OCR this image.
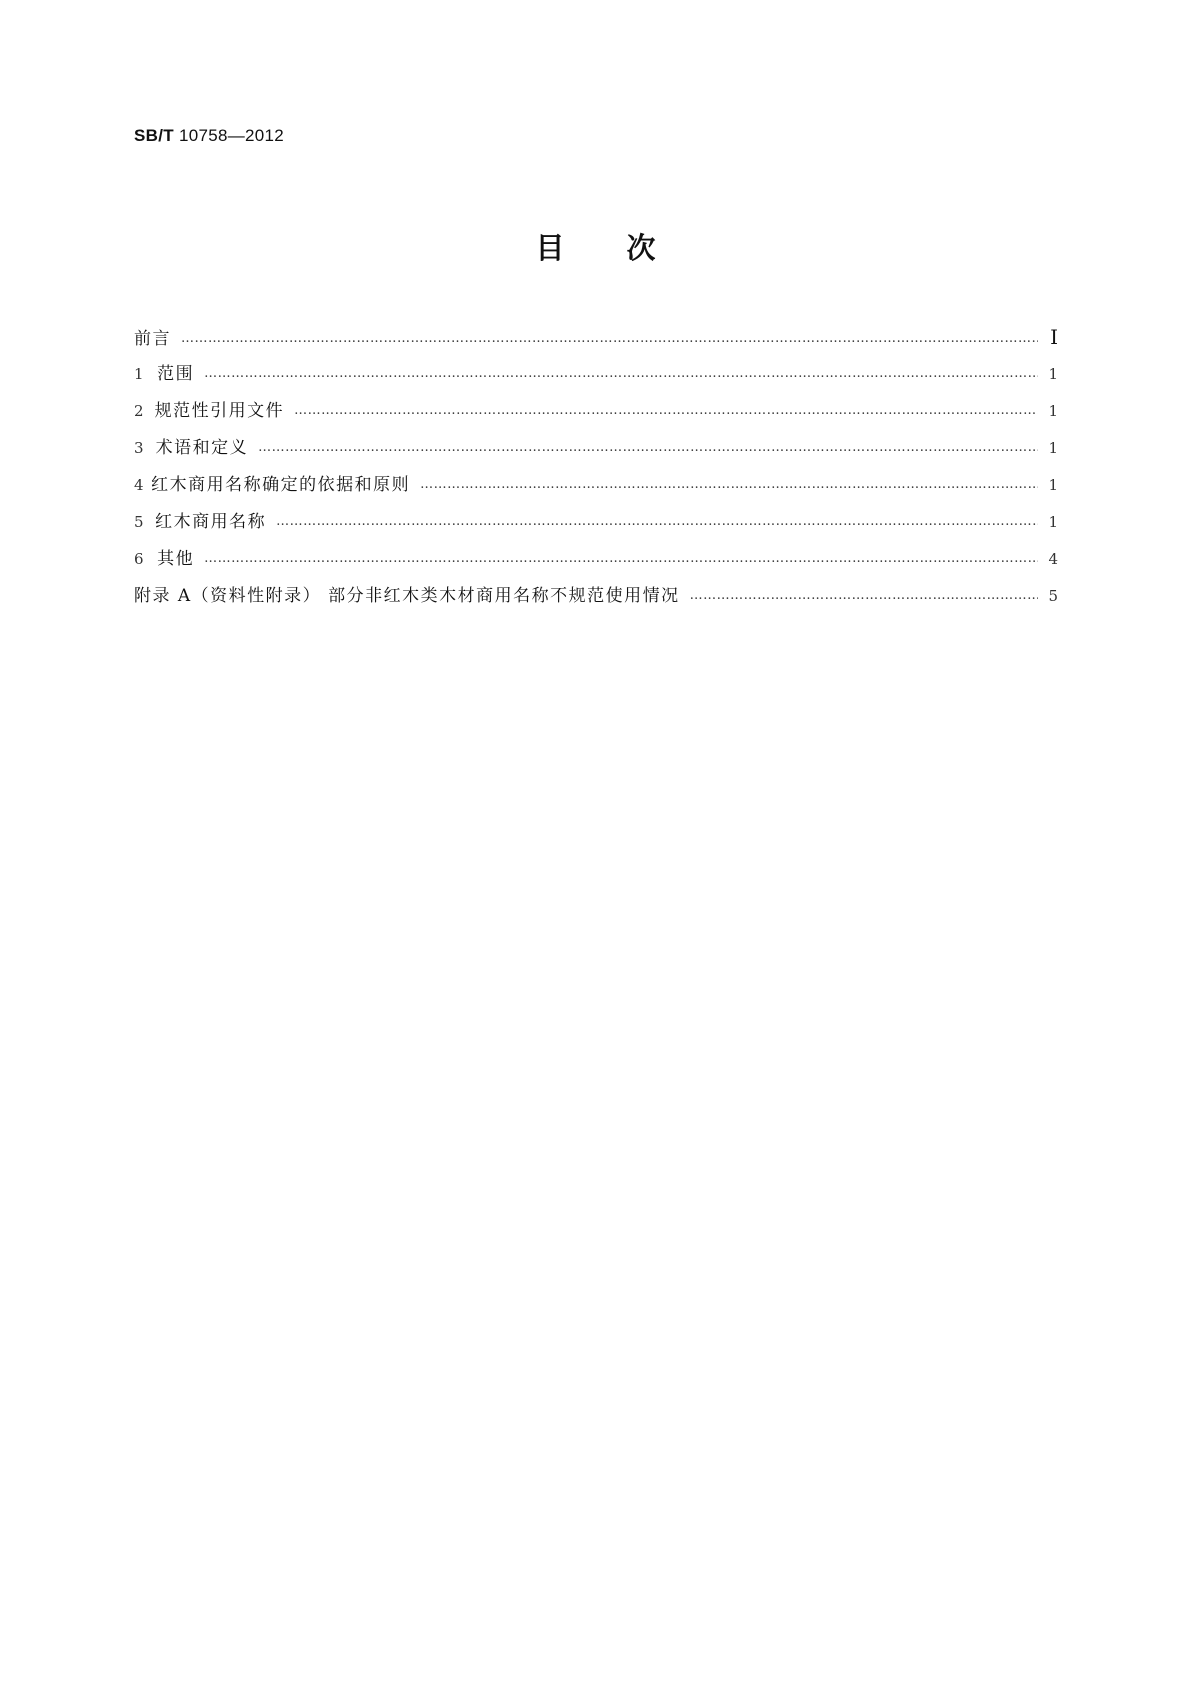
SB/T 10758—2012
目次
前言 …………………………………………………………………………………………………………………………………………………………………………………………………………………………………………	Ⅰ
1 范围 …………………………………………………………………………………………………………………………………………………………………………………………………………………………………………	1
2 规范性引用文件 …………………………………………………………………………………………………………………………………………………………………………………………………………………………………………	1
3 术语和定义 …………………………………………………………………………………………………………………………………………………………………………………………………………………………………………	1
4 红木商用名称确定的依据和原则 …………………………………………………………………………………………………………………………………………………………………………………………………………………………………………	1
5 红木商用名称 …………………………………………………………………………………………………………………………………………………………………………………………………………………………………………	1
6 其他 …………………………………………………………………………………………………………………………………………………………………………………………………………………………………………	4
附录 A（资料性附录） 部分非红木类木材商用名称不规范使用情况 …………………………………………………………………………………………………………………………………………………………………………………………………………………………………………	5
